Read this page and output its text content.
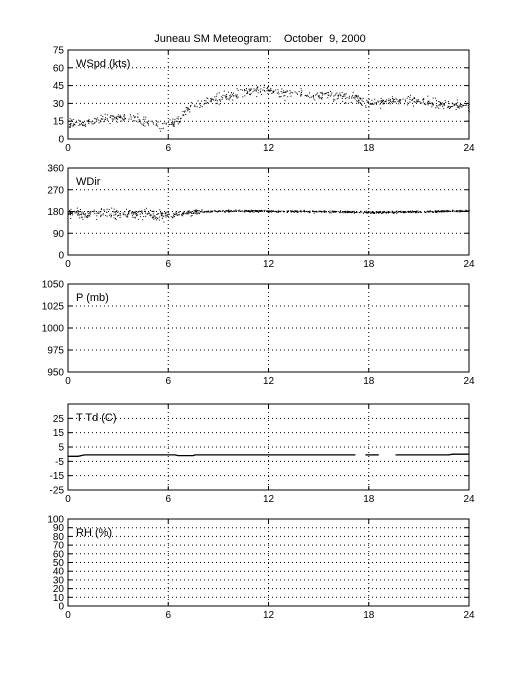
Juneau SM Meteogram:    October  9, 2000
0	6	12	18	24
0
15
30
45
60
75
WSpd (kts)
0	6	12	18	24
0
90
180
270
360
WDir
0	6	12	18	24
950
975
1000
1025
1050
P (mb)
0	6	12	18	24
-25
-15
-5
5
15
25 T Td (C)
0	6	12	18	24
0
10
20
30
40
50
60
70
80
90
100
RH (%)
